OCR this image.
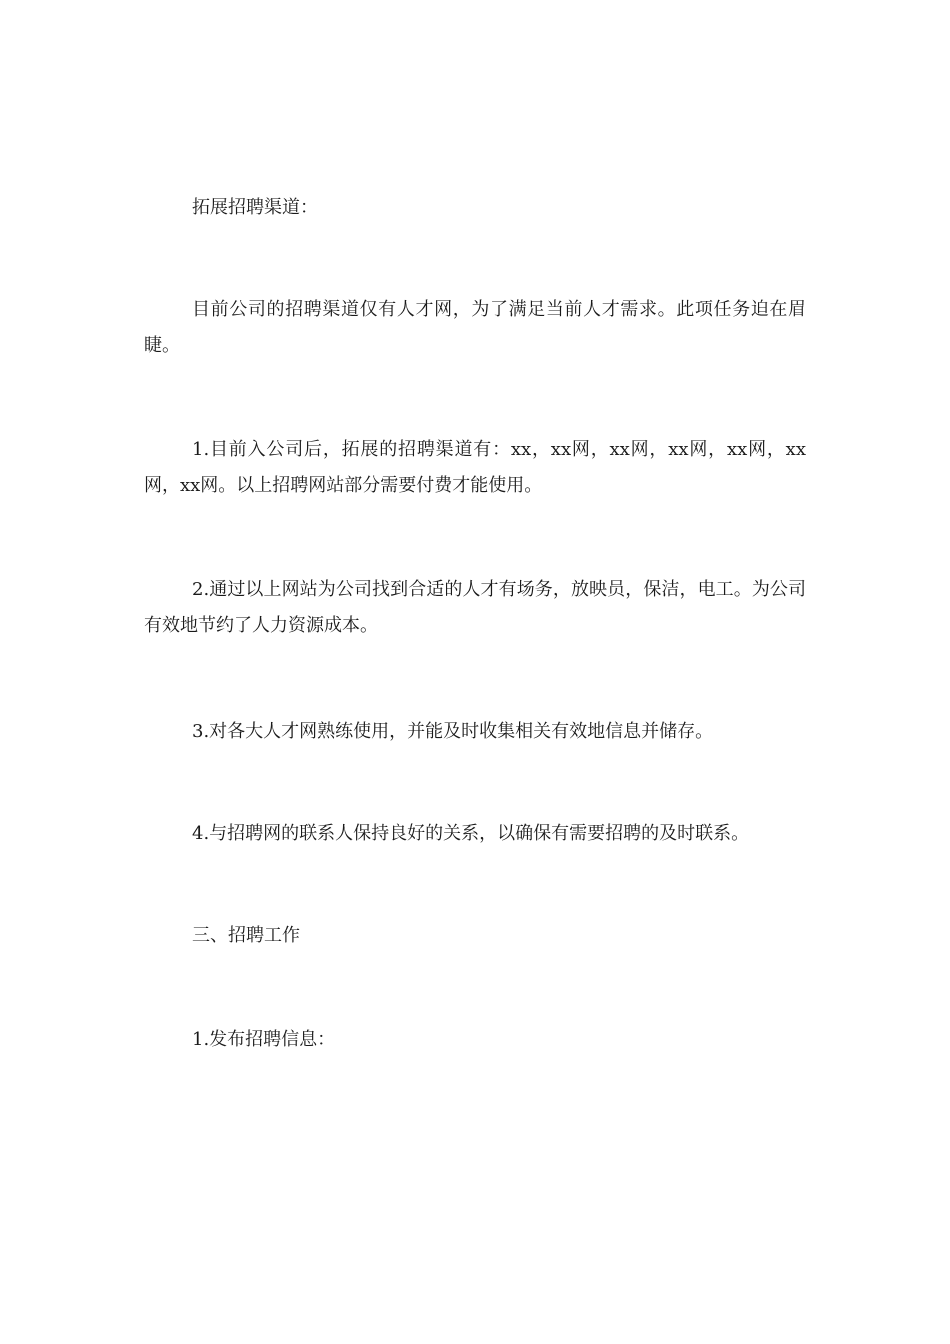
拓展招聘渠道：

目前公司的招聘渠道仅有人才网，为了满足当前人才需求。此项任务迫在眉睫。

1.目前入公司后，拓展的招聘渠道有：xx，xx网，xx网，xx网，xx网，xx网，xx网。以上招聘网站部分需要付费才能使用。

2.通过以上网站为公司找到合适的人才有场务，放映员，保洁，电工。为公司有效地节约了人力资源成本。

3.对各大人才网熟练使用，并能及时收集相关有效地信息并储存。

4.与招聘网的联系人保持良好的关系，以确保有需要招聘的及时联系。

三、招聘工作

1.发布招聘信息：
